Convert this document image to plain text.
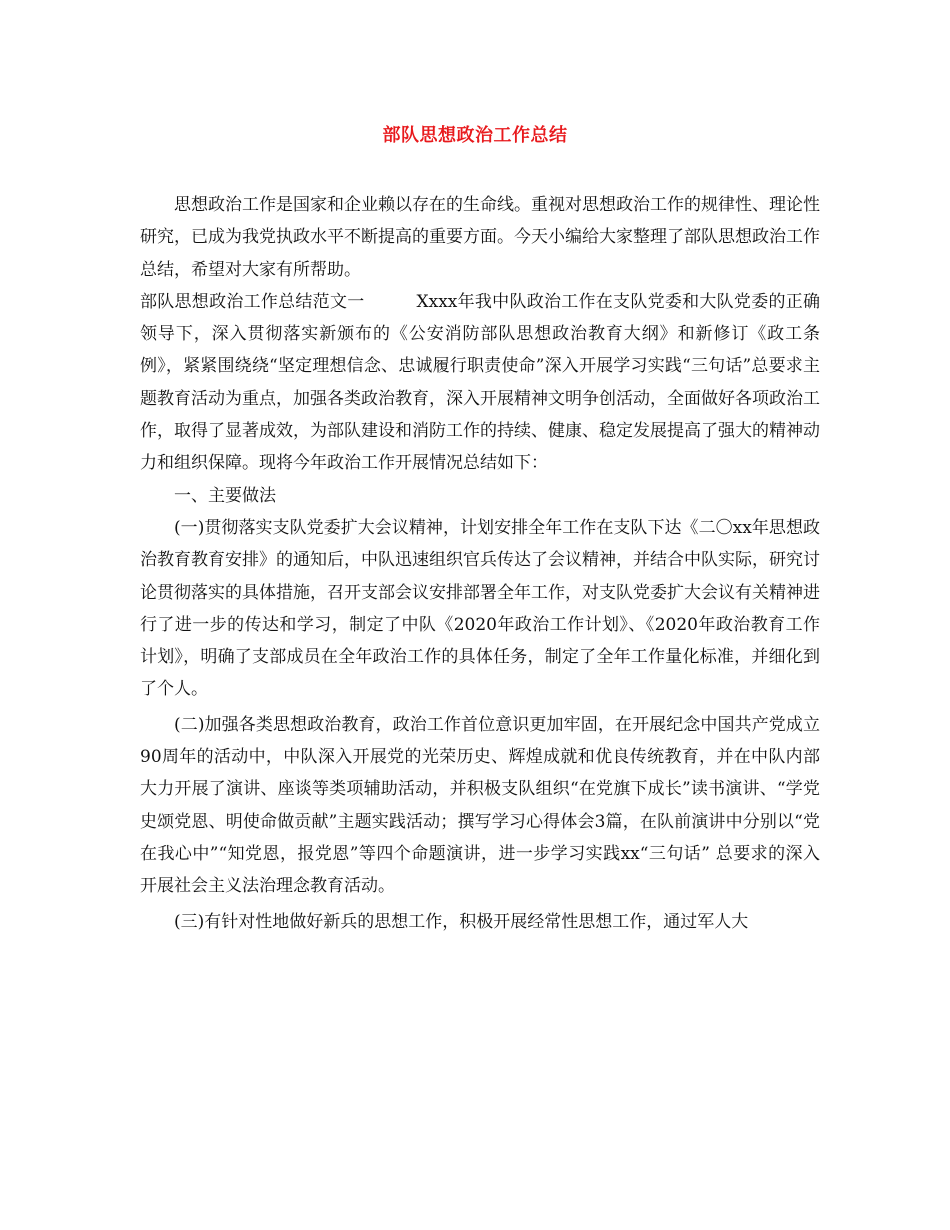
部队思想政治工作总结

思想政治工作是国家和企业赖以存在的生命线。重视对思想政治工作的规律性、理论性研究，已成为我党执政水平不断提高的重要方面。今天小编给大家整理了部队思想政治工作总结，希望对大家有所帮助。

部队思想政治工作总结范文一	Xxxx年我中队政治工作在支队党委和大队党委的正确领导下，深入贯彻落实新颁布的《公安消防部队思想政治教育大纲》和新修订《政工条例》，紧紧围绕绕“坚定理想信念、忠诚履行职责使命”深入开展学习实践“三句话”总要求主题教育活动为重点，加强各类政治教育，深入开展精神文明争创活动，全面做好各项政治工作，取得了显著成效，为部队建设和消防工作的持续、健康、稳定发展提高了强大的精神动力和组织保障。现将今年政治工作开展情况总结如下：

一、主要做法

(一)贯彻落实支队党委扩大会议精神，计划安排全年工作在支队下达《二〇xx年思想政治教育教育安排》的通知后，中队迅速组织官兵传达了会议精神，并结合中队实际，研究讨论贯彻落实的具体措施，召开支部会议安排部署全年工作，对支队党委扩大会议有关精神进行了进一步的传达和学习，制定了中队《2020年政治工作计划》、《2020年政治教育工作计划》，明确了支部成员在全年政治工作的具体任务，制定了全年工作量化标准，并细化到了个人。

(二)加强各类思想政治教育，政治工作首位意识更加牢固，在开展纪念中国共产党成立90周年的活动中，中队深入开展党的光荣历史、辉煌成就和优良传统教育，并在中队内部大力开展了演讲、座谈等类项辅助活动，并积极支队组织“在党旗下成长”读书演讲、“学党史颂党恩、明使命做贡献”主题实践活动；撰写学习心得体会3篇，在队前演讲中分别以“党在我心中”“知党恩，报党恩”等四个命题演讲，进一步学习实践xx“三句话” 总要求的深入开展社会主义法治理念教育活动。

(三)有针对性地做好新兵的思想工作，积极开展经常性思想工作，通过军人大
